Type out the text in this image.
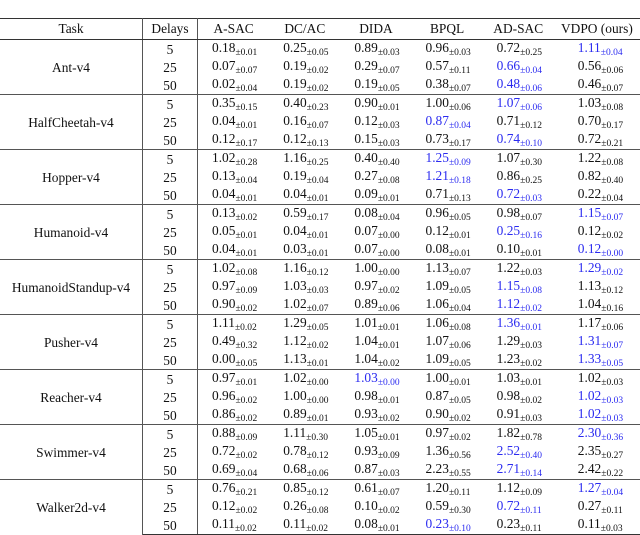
Task	Delays	A-SAC	DC/AC	DIDA	BPQL	AD-SAC	VDPO (ours)
Ant-v4	5	$0.18_{\pm 0.01}$	$0.25_{\pm 0.05}$	$0.89_{\pm 0.03}$	$0.96_{\pm 0.03}$	$0.72_{\pm 0.25}$	$1.11_{\pm 0.04}$
	25	$0.07_{\pm 0.07}$	$0.19_{\pm 0.02}$	$0.29_{\pm 0.07}$	$0.57_{\pm 0.11}$	$0.66_{\pm 0.04}$	$0.56_{\pm 0.06}$
	50	$0.02_{\pm 0.04}$	$0.19_{\pm 0.02}$	$0.19_{\pm 0.05}$	$0.38_{\pm 0.07}$	$0.48_{\pm 0.06}$	$0.46_{\pm 0.07}$
HalfCheetah-v4	5	$0.35_{\pm 0.15}$	$0.40_{\pm 0.23}$	$0.90_{\pm 0.01}$	$1.00_{\pm 0.06}$	$1.07_{\pm 0.06}$	$1.03_{\pm 0.08}$
	25	$0.04_{\pm 0.01}$	$0.16_{\pm 0.07}$	$0.12_{\pm 0.03}$	$0.87_{\pm 0.04}$	$0.71_{\pm 0.12}$	$0.70_{\pm 0.17}$
	50	$0.12_{\pm 0.17}$	$0.12_{\pm 0.13}$	$0.15_{\pm 0.03}$	$0.73_{\pm 0.17}$	$0.74_{\pm 0.10}$	$0.72_{\pm 0.21}$
Hopper-v4	5	$1.02_{\pm 0.28}$	$1.16_{\pm 0.25}$	$0.40_{\pm 0.40}$	$1.25_{\pm 0.09}$	$1.07_{\pm 0.30}$	$1.22_{\pm 0.08}$
	25	$0.13_{\pm 0.04}$	$0.19_{\pm 0.04}$	$0.27_{\pm 0.08}$	$1.21_{\pm 0.18}$	$0.86_{\pm 0.25}$	$0.82_{\pm 0.40}$
	50	$0.04_{\pm 0.01}$	$0.04_{\pm 0.01}$	$0.09_{\pm 0.01}$	$0.71_{\pm 0.13}$	$0.72_{\pm 0.03}$	$0.22_{\pm 0.04}$
Humanoid-v4	5	$0.13_{\pm 0.02}$	$0.59_{\pm 0.17}$	$0.08_{\pm 0.04}$	$0.96_{\pm 0.05}$	$0.98_{\pm 0.07}$	$1.15_{\pm 0.07}$
	25	$0.05_{\pm 0.01}$	$0.04_{\pm 0.01}$	$0.07_{\pm 0.00}$	$0.12_{\pm 0.01}$	$0.25_{\pm 0.16}$	$0.12_{\pm 0.02}$
	50	$0.04_{\pm 0.01}$	$0.03_{\pm 0.01}$	$0.07_{\pm 0.00}$	$0.08_{\pm 0.01}$	$0.10_{\pm 0.01}$	$0.12_{\pm 0.00}$
HumanoidStandup-v4	5	$1.02_{\pm 0.08}$	$1.16_{\pm 0.12}$	$1.00_{\pm 0.00}$	$1.13_{\pm 0.07}$	$1.22_{\pm 0.03}$	$1.29_{\pm 0.02}$
	25	$0.97_{\pm 0.09}$	$1.03_{\pm 0.03}$	$0.97_{\pm 0.02}$	$1.09_{\pm 0.05}$	$1.15_{\pm 0.08}$	$1.13_{\pm 0.12}$
	50	$0.90_{\pm 0.02}$	$1.02_{\pm 0.07}$	$0.89_{\pm 0.06}$	$1.06_{\pm 0.04}$	$1.12_{\pm 0.02}$	$1.04_{\pm 0.16}$
Pusher-v4	5	$1.11_{\pm 0.02}$	$1.29_{\pm 0.05}$	$1.01_{\pm 0.01}$	$1.06_{\pm 0.08}$	$1.36_{\pm 0.01}$	$1.17_{\pm 0.06}$
	25	$0.49_{\pm 0.32}$	$1.12_{\pm 0.02}$	$1.04_{\pm 0.01}$	$1.07_{\pm 0.06}$	$1.29_{\pm 0.03}$	$1.31_{\pm 0.07}$
	50	$0.00_{\pm 0.05}$	$1.13_{\pm 0.01}$	$1.04_{\pm 0.02}$	$1.09_{\pm 0.05}$	$1.23_{\pm 0.02}$	$1.33_{\pm 0.05}$
Reacher-v4	5	$0.97_{\pm 0.01}$	$1.02_{\pm 0.00}$	$1.03_{\pm 0.00}$	$1.00_{\pm 0.01}$	$1.03_{\pm 0.01}$	$1.02_{\pm 0.03}$
	25	$0.96_{\pm 0.02}$	$1.00_{\pm 0.00}$	$0.98_{\pm 0.01}$	$0.87_{\pm 0.05}$	$0.98_{\pm 0.02}$	$1.02_{\pm 0.03}$
	50	$0.86_{\pm 0.02}$	$0.89_{\pm 0.01}$	$0.93_{\pm 0.02}$	$0.90_{\pm 0.02}$	$0.91_{\pm 0.03}$	$1.02_{\pm 0.03}$
Swimmer-v4	5	$0.88_{\pm 0.09}$	$1.11_{\pm 0.30}$	$1.05_{\pm 0.01}$	$0.97_{\pm 0.02}$	$1.82_{\pm 0.78}$	$2.30_{\pm 0.36}$
	25	$0.72_{\pm 0.02}$	$0.78_{\pm 0.12}$	$0.93_{\pm 0.09}$	$1.36_{\pm 0.56}$	$2.52_{\pm 0.40}$	$2.35_{\pm 0.27}$
	50	$0.69_{\pm 0.04}$	$0.68_{\pm 0.06}$	$0.87_{\pm 0.03}$	$2.23_{\pm 0.55}$	$2.71_{\pm 0.14}$	$2.42_{\pm 0.22}$
Walker2d-v4	5	$0.76_{\pm 0.21}$	$0.85_{\pm 0.12}$	$0.61_{\pm 0.07}$	$1.20_{\pm 0.11}$	$1.12_{\pm 0.09}$	$1.27_{\pm 0.04}$
	25	$0.12_{\pm 0.02}$	$0.26_{\pm 0.08}$	$0.10_{\pm 0.02}$	$0.59_{\pm 0.30}$	$0.72_{\pm 0.11}$	$0.27_{\pm 0.11}$
	50	$0.11_{\pm 0.02}$	$0.11_{\pm 0.02}$	$0.08_{\pm 0.01}$	$0.23_{\pm 0.10}$	$0.23_{\pm 0.11}$	$0.11_{\pm 0.03}$
